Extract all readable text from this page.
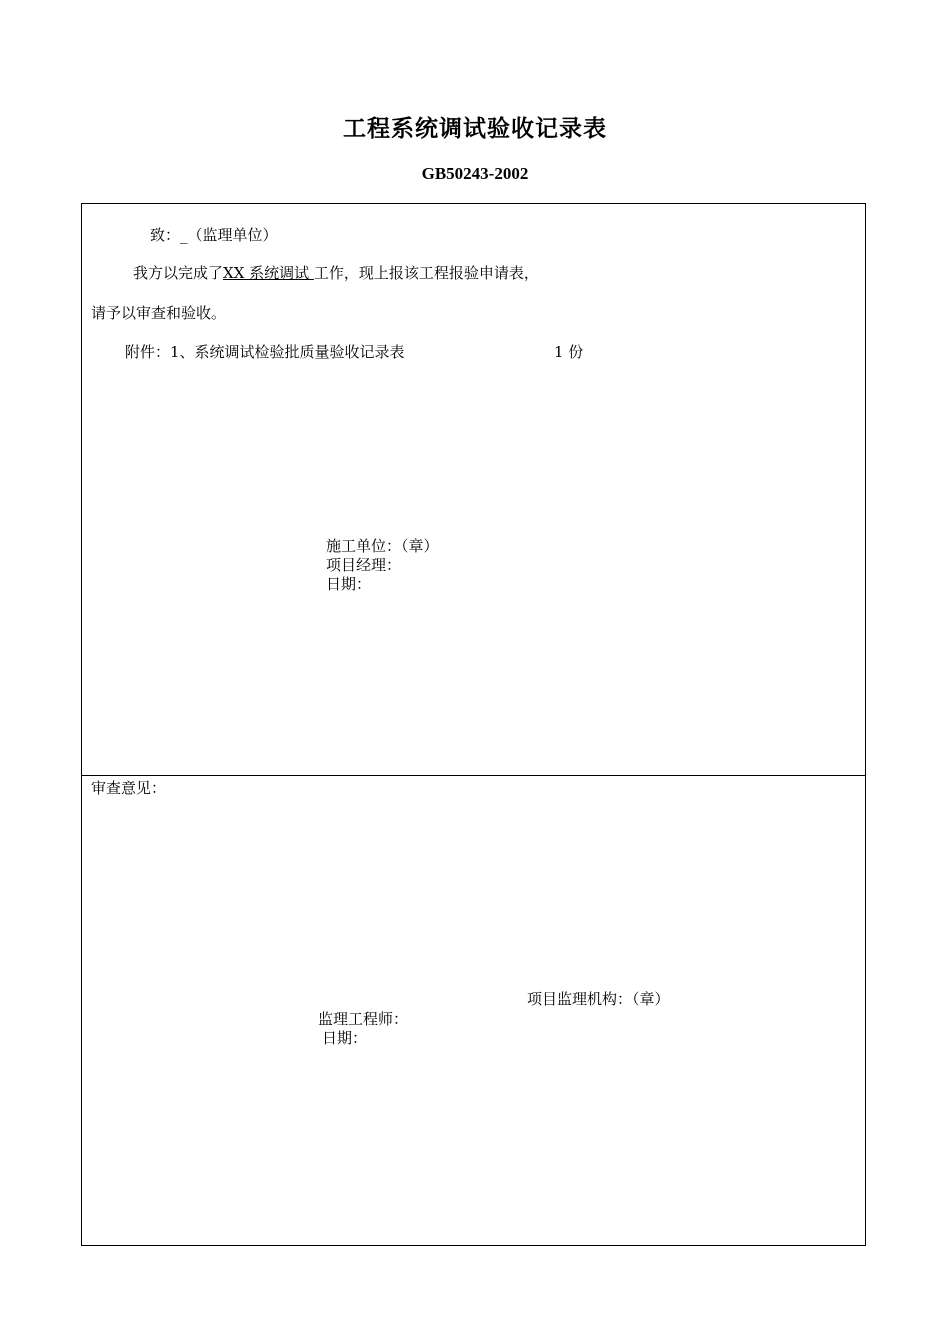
工程系统调试验收记录表
GB50243-2002
致：_（监理单位）
我方以完成了XX 系统调试 工作，现上报该工程报验申请表，
请予以审查和验收。
附件：1、系统调试检验批质量验收记录表	1 份
施工单位：（章）
项目经理：
日期：
审查意见：
项目监理机构：（章）
监理工程师：
日期：
